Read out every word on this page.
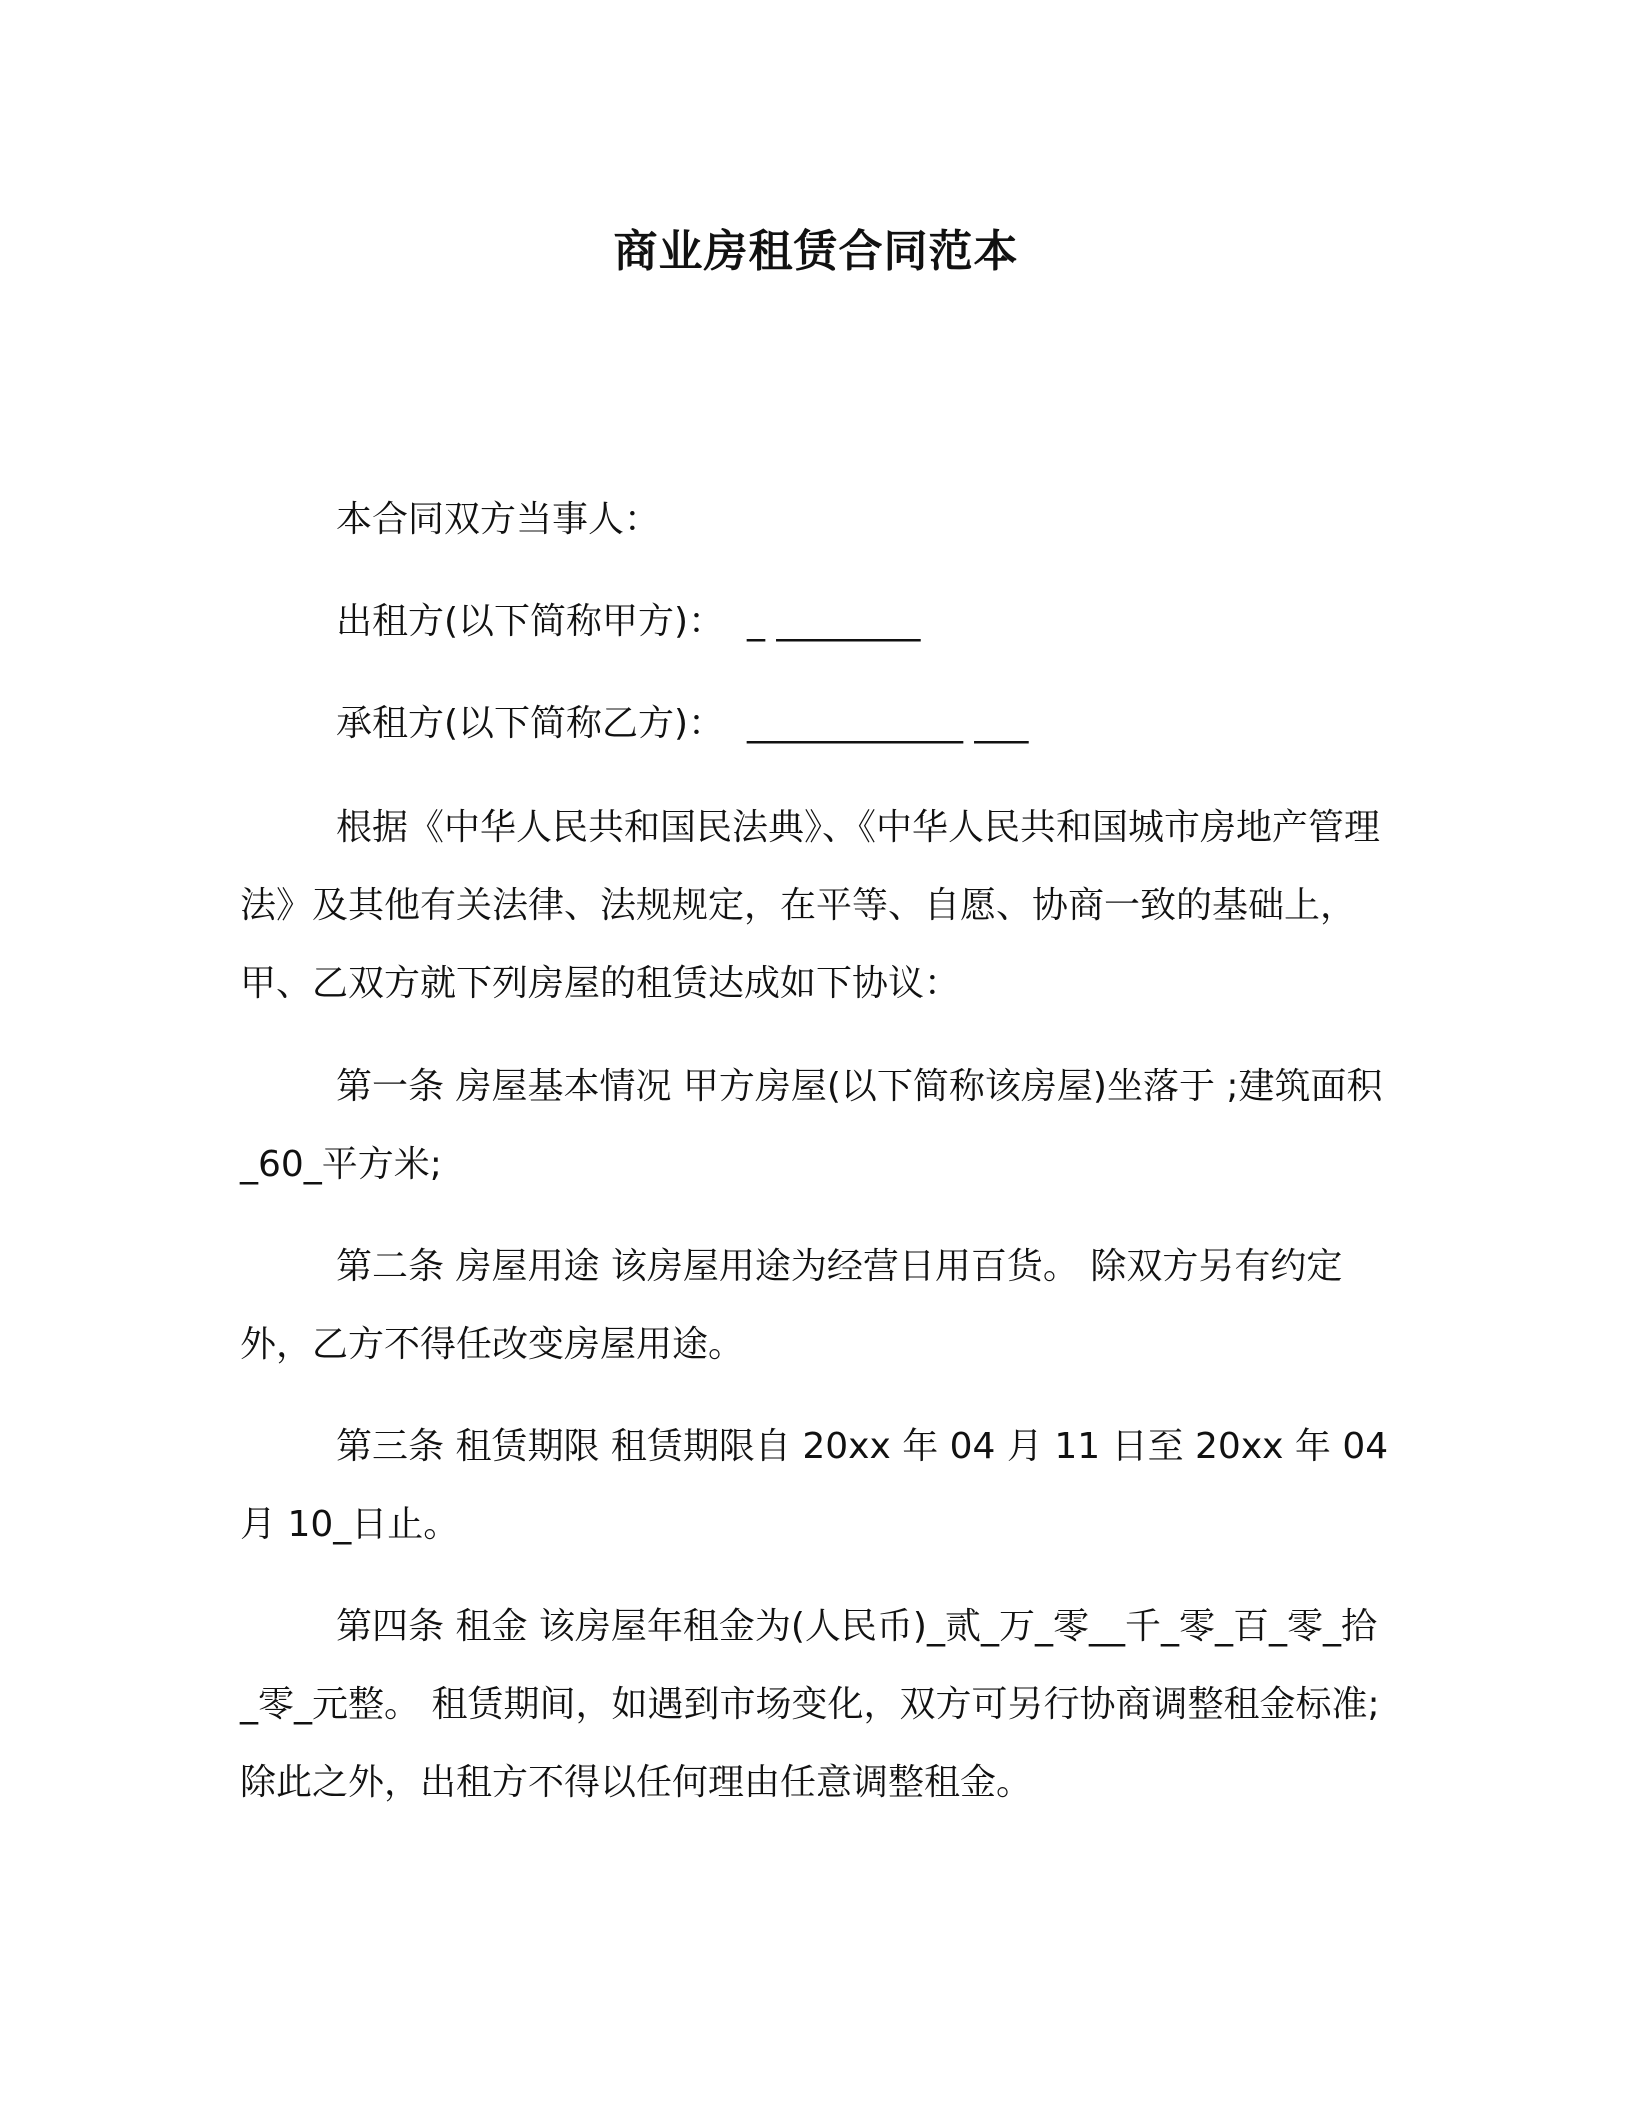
商业房租赁合同范本

本合同双方当事人：

出租方(以下简称甲方)：  _ ________

承租方(以下简称乙方)：  ____________ ___

根据《中华人民共和国民法典》、《中华人民共和国城市房地产管理法》及其他有关法律、法规规定，在平等、自愿、协商一致的基础上，甲、乙双方就下列房屋的租赁达成如下协议：

第一条 房屋基本情况 甲方房屋(以下简称该房屋)坐落于 ;建筑面积_60_平方米;

第二条 房屋用途 该房屋用途为经营日用百货。 除双方另有约定外，乙方不得任改变房屋用途。

第三条 租赁期限 租赁期限自 20xx 年 04 月 11 日至 20xx 年 04 月 10_日止。

第四条 租金 该房屋年租金为(人民币)_贰_万_零__千_零_百_零_拾_零_元整。 租赁期间，如遇到市场变化，双方可另行协商调整租金标准;除此之外，出租方不得以任何理由任意调整租金。
